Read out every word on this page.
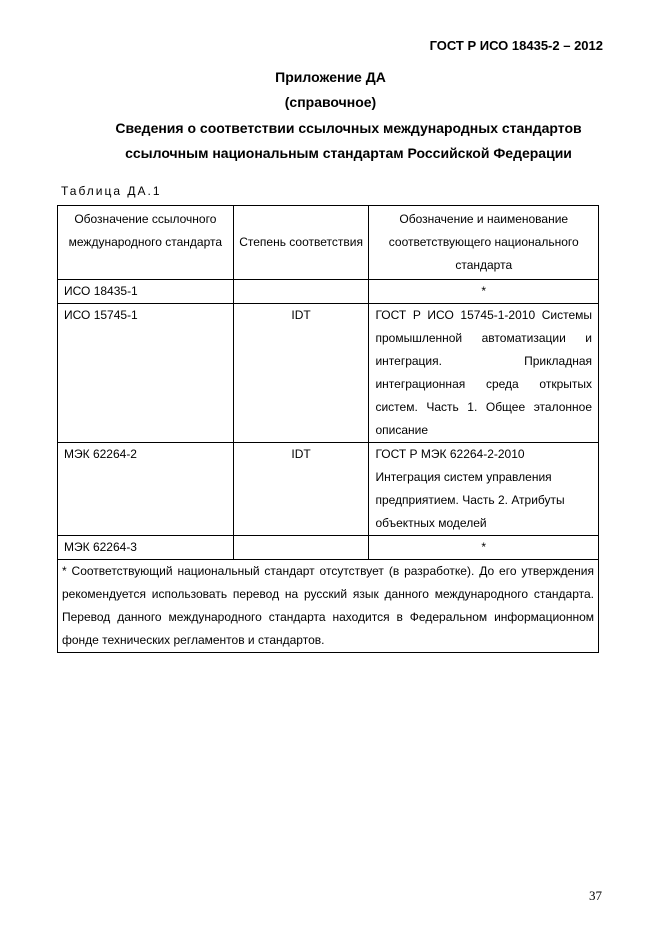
ГОСТ Р ИСО 18435-2 – 2012
Приложение ДА
(справочное)
Сведения о соответствии ссылочных международных стандартов
ссылочным национальным стандартам Российской Федерации
Таблица ДА.1
Обозначение ссылочного международного стандарта	Степень соответствия	Обозначение и наименование соответствующего национального стандарта
ИСО 18435-1		*
ИСО 15745-1	IDT	ГОСТ Р ИСО 15745-1-2010 Системы промышленной автоматизации и интеграция. Прикладная интеграционная среда открытых систем. Часть 1. Общее эталонное описание
МЭК 62264-2	IDT	ГОСТ Р МЭК 62264-2-2010 Интеграция систем управления предприятием. Часть 2. Атрибуты объектных моделей
МЭК 62264-3		*
* Соответствующий национальный стандарт отсутствует (в разработке). До его утверждения рекомендуется использовать перевод на русский язык данного международного стандарта. Перевод данного международного стандарта находится в Федеральном информационном фонде технических регламентов и стандартов.		
37
